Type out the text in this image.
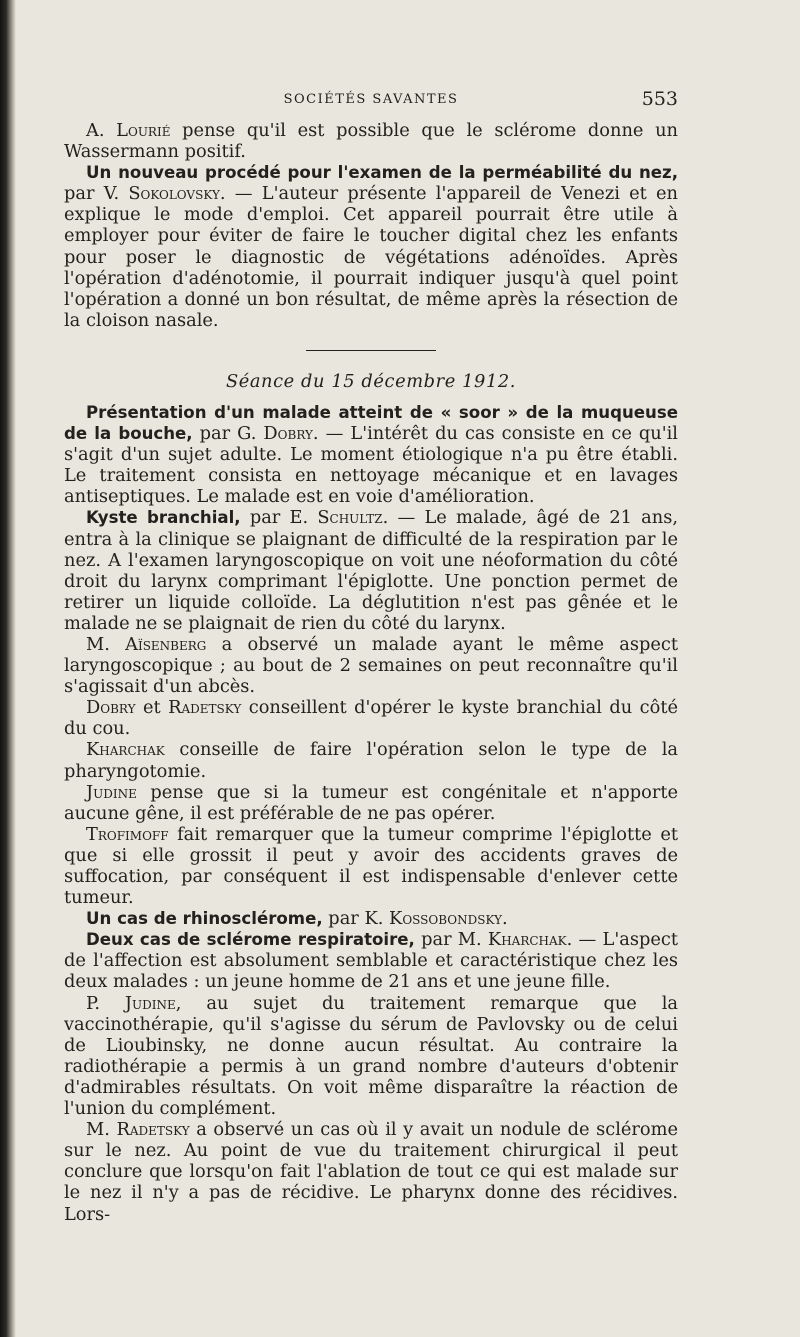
SOCIÉTÉS SAVANTES	553

A. Lourié pense qu'il est possible que le sclérome donne un Wassermann positif.

Un nouveau procédé pour l'examen de la perméabilité du nez, par V. Sokolovsky. — L'auteur présente l'appareil de Venezi et en explique le mode d'emploi. Cet appareil pourrait être utile à employer pour éviter de faire le toucher digital chez les enfants pour poser le diagnostic de végétations adénoïdes. Après l'opération d'adénotomie, il pourrait indiquer jusqu'à quel point l'opération a donné un bon résultat, de même après la résection de la cloison nasale.

Séance du 15 décembre 1912.

Présentation d'un malade atteint de « soor » de la muqueuse de la bouche, par G. Dobry. — L'intérêt du cas consiste en ce qu'il s'agit d'un sujet adulte. Le moment étiologique n'a pu être établi. Le traitement consista en nettoyage mécanique et en lavages antiseptiques. Le malade est en voie d'amélioration.

Kyste branchial, par E. Schultz. — Le malade, âgé de 21 ans, entra à la clinique se plaignant de difficulté de la respiration par le nez. A l'examen laryngoscopique on voit une néoformation du côté droit du larynx comprimant l'épiglotte. Une ponction permet de retirer un liquide colloïde. La déglutition n'est pas gênée et le malade ne se plaignait de rien du côté du larynx.

M. Aïsenberg a observé un malade ayant le même aspect laryngoscopique ; au bout de 2 semaines on peut reconnaître qu'il s'agissait d'un abcès.

Dobry et Radetsky conseillent d'opérer le kyste branchial du côté du cou.

Kharchak conseille de faire l'opération selon le type de la pharyngotomie.

Judine pense que si la tumeur est congénitale et n'apporte aucune gêne, il est préférable de ne pas opérer.

Trofimoff fait remarquer que la tumeur comprime l'épiglotte et que si elle grossit il peut y avoir des accidents graves de suffocation, par conséquent il est indispensable d'enlever cette tumeur.

Un cas de rhinosclérome, par K. Kossobondsky.

Deux cas de sclérome respiratoire, par M. Kharchak. — L'aspect de l'affection est absolument semblable et caractéristique chez les deux malades : un jeune homme de 21 ans et une jeune fille.

P. Judine, au sujet du traitement remarque que la vaccinothérapie, qu'il s'agisse du sérum de Pavlovsky ou de celui de Lioubinsky, ne donne aucun résultat. Au contraire la radiothérapie a permis à un grand nombre d'auteurs d'obtenir d'admirables résultats. On voit même disparaître la réaction de l'union du complément.

M. Radetsky a observé un cas où il y avait un nodule de sclérome sur le nez. Au point de vue du traitement chirurgical il peut conclure que lorsqu'on fait l'ablation de tout ce qui est malade sur le nez il n'y a pas de récidive. Le pharynx donne des récidives. Lors-
